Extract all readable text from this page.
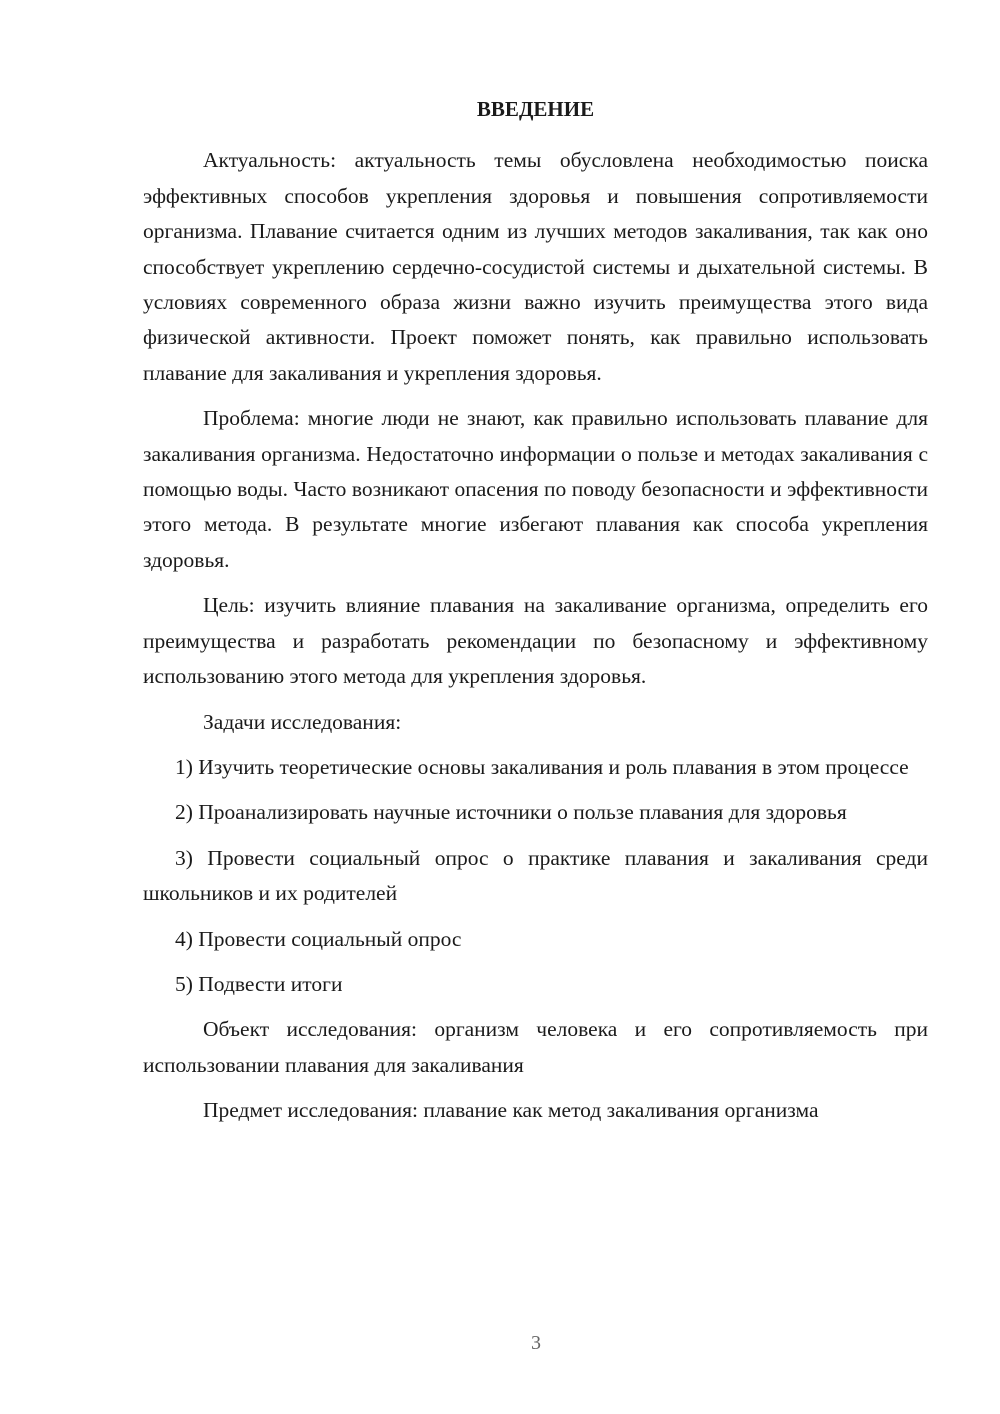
ВВЕДЕНИЕ

Актуальность: актуальность темы обусловлена необходимостью поиска эффективных способов укрепления здоровья и повышения сопротивляемости организма. Плавание считается одним из лучших методов закаливания, так как оно способствует укреплению сердечно-сосудистой системы и дыхательной системы. В условиях современного образа жизни важно изучить преимущества этого вида физической активности. Проект поможет понять, как правильно использовать плавание для закаливания и укрепления здоровья.

Проблема: многие люди не знают, как правильно использовать плавание для закаливания организма. Недостаточно информации о пользе и методах закаливания с помощью воды. Часто возникают опасения по поводу безопасности и эффективности этого метода. В результате многие избегают плавания как способа укрепления здоровья.

Цель: изучить влияние плавания на закаливание организма, определить его преимущества и разработать рекомендации по безопасному и эффективному использованию этого метода для укрепления здоровья.

Задачи исследования:

1) Изучить теоретические основы закаливания и роль плавания в этом процессе

2) Проанализировать научные источники о пользе плавания для здоровья

3) Провести социальный опрос о практике плавания и закаливания среди школьников и их родителей

4) Провести социальный опрос

5) Подвести итоги

Объект исследования: организм человека и его сопротивляемость при использовании плавания для закаливания

Предмет исследования: плавание как метод закаливания организма

3
